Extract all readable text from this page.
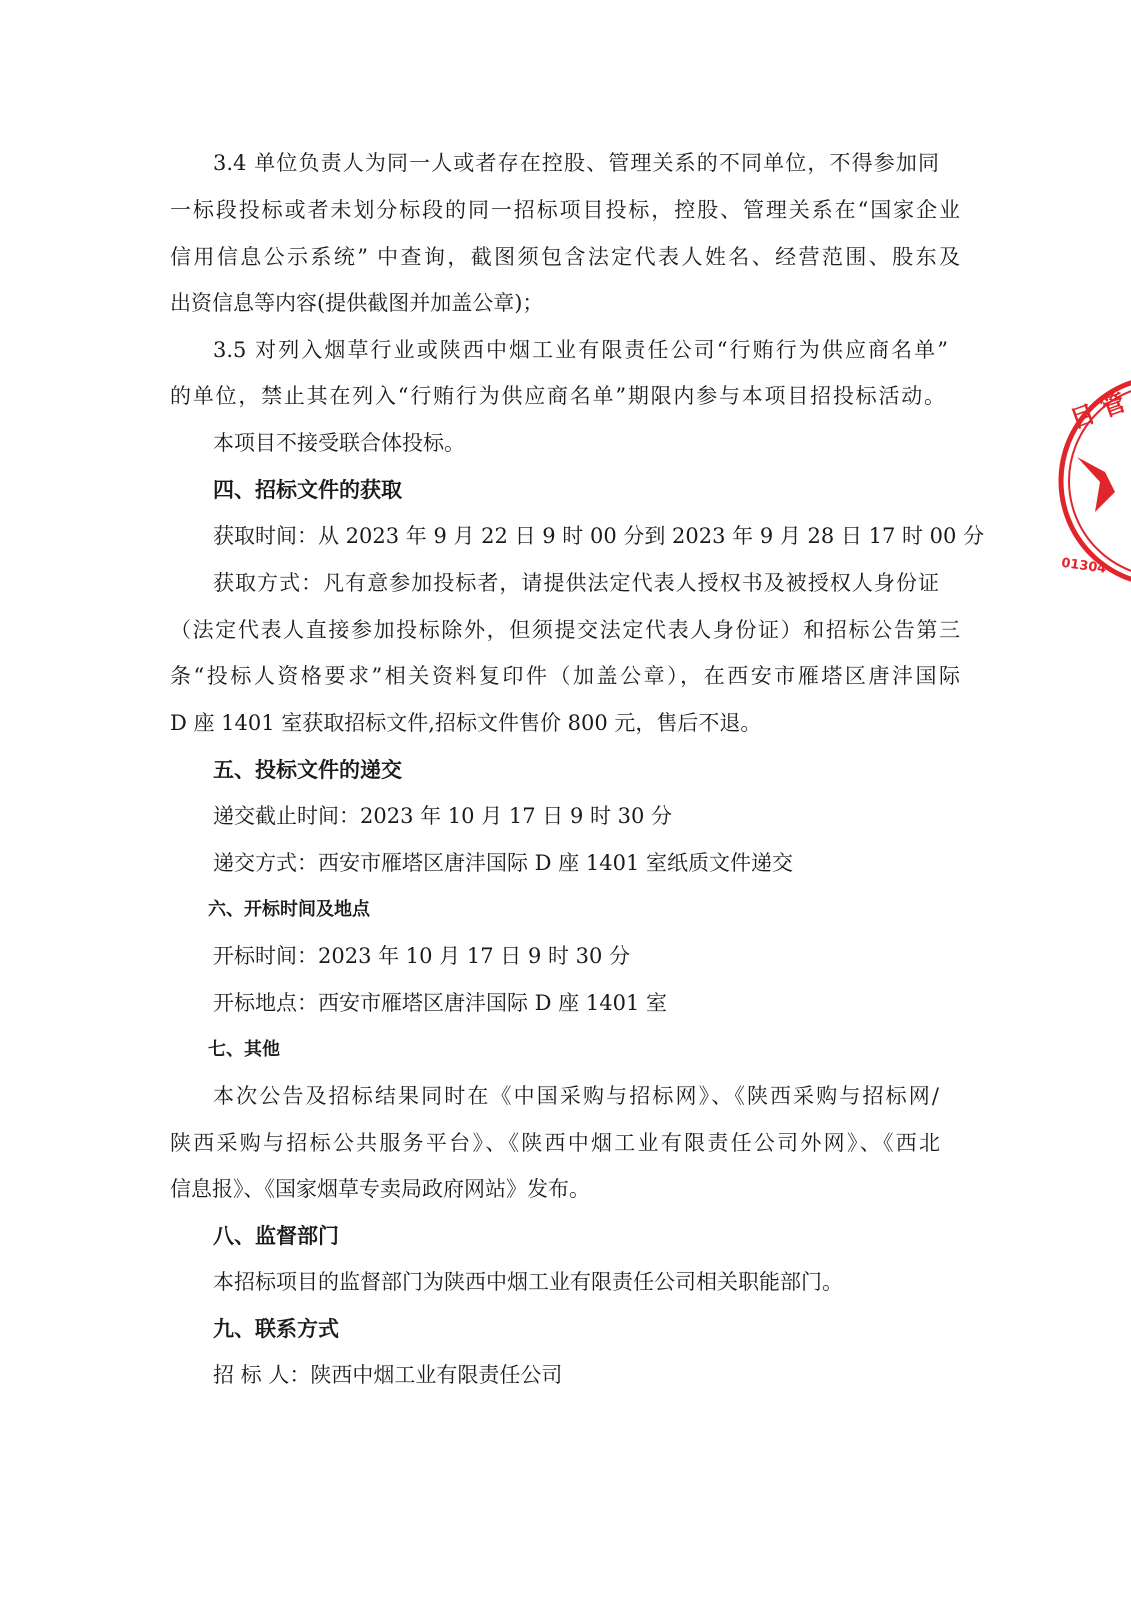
3.4 单位负责人为同一人或者存在控股、管理关系的不同单位，不得参加同
一标段投标或者未划分标段的同一招标项目投标，控股、管理关系在“国家企业
信用信息公示系统” 中查询，截图须包含法定代表人姓名、经营范围、股东及
出资信息等内容(提供截图并加盖公章)；
3.5 对列入烟草行业或陕西中烟工业有限责任公司“行贿行为供应商名单”
的单位，禁止其在列入“行贿行为供应商名单”期限内参与本项目招投标活动。
本项目不接受联合体投标。
四、招标文件的获取
获取时间：从 2023 年 9 月 22 日 9 时 00 分到 2023 年 9 月 28 日 17 时 00 分
获取方式：凡有意参加投标者，请提供法定代表人授权书及被授权人身份证
（法定代表人直接参加投标除外，但须提交法定代表人身份证）和招标公告第三
条“投标人资格要求”相关资料复印件（加盖公章），在西安市雁塔区唐沣国际
D 座 1401 室获取招标文件,招标文件售价 800 元，售后不退。
五、投标文件的递交
递交截止时间：2023 年 10 月 17 日 9 时 30 分
递交方式：西安市雁塔区唐沣国际 D 座 1401 室纸质文件递交
六、开标时间及地点
开标时间：2023 年 10 月 17 日 9 时 30 分
开标地点：西安市雁塔区唐沣国际 D 座 1401 室
七、其他
本次公告及招标结果同时在《中国采购与招标网》、《陕西采购与招标网/
陕西采购与招标公共服务平台》、《陕西中烟工业有限责任公司外网》、《西北
信息报》、《国家烟草专卖局政府网站》发布。
八、监督部门
本招标项目的监督部门为陕西中烟工业有限责任公司相关职能部门。
九、联系方式
招 标 人：陕西中烟工业有限责任公司
目 管
01304
